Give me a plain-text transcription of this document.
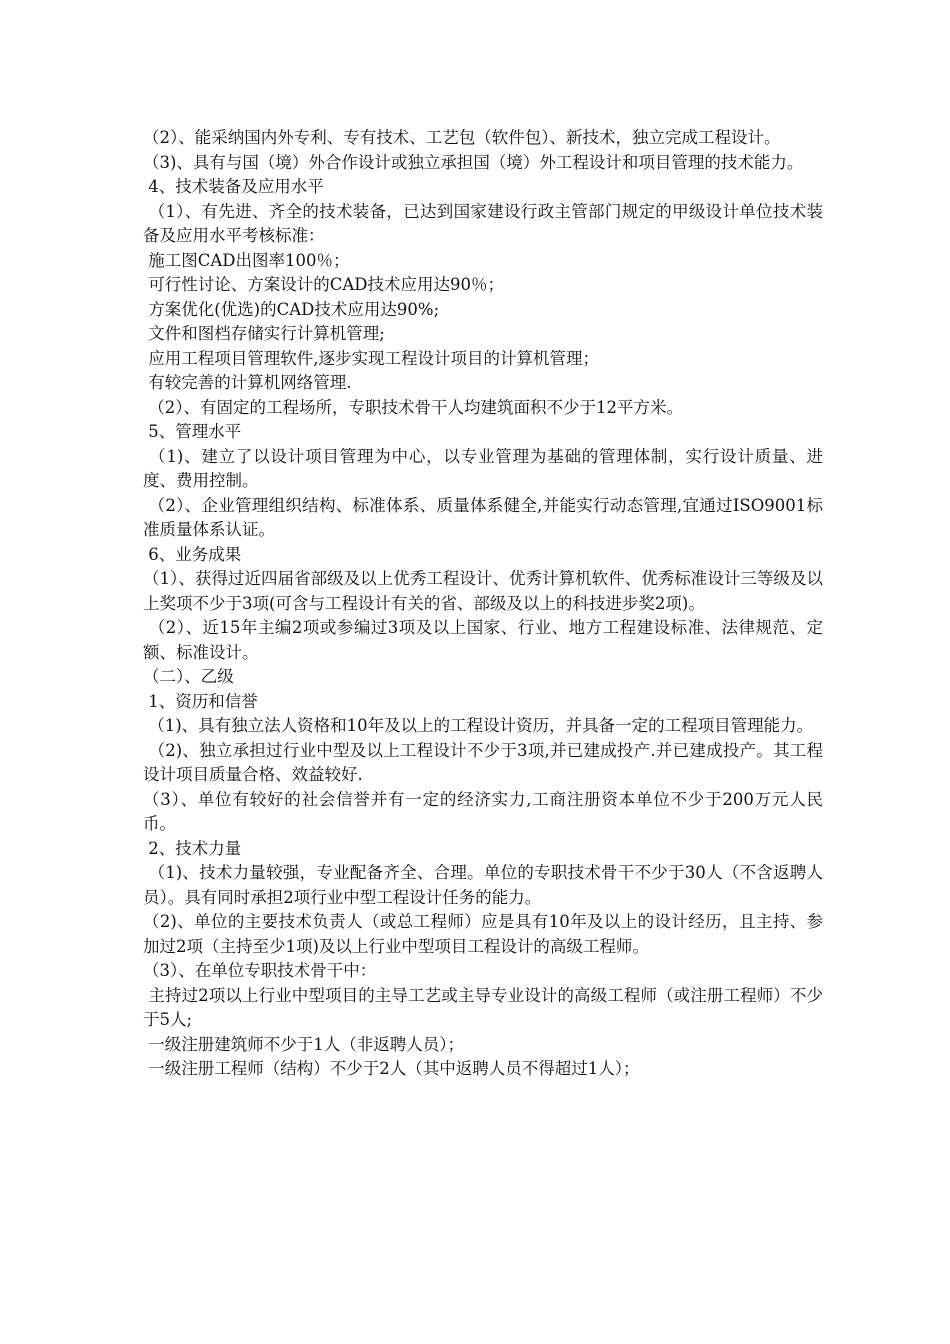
（2）、能采纳国内外专利、专有技术、工艺包（软件包）、新技术，独立完成工程设计。

（3)、具有与国（境）外合作设计或独立承担国（境）外工程设计和项目管理的技术能力。

4、技术装备及应用水平

（1）、有先进、齐全的技术装备，已达到国家建设行政主管部门规定的甲级设计单位技术装备及应用水平考核标准：

施工图CAD出图率100％；

可行性讨论、方案设计的CAD技术应用达90％；

方案优化(优选)的CAD技术应用达90%;

文件和图档存储实行计算机管理;

应用工程项目管理软件,逐步实现工程设计项目的计算机管理；

有较完善的计算机网络管理.

（2）、有固定的工程场所，专职技术骨干人均建筑面积不少于12平方米。

5、管理水平

（1)、建立了以设计项目管理为中心，以专业管理为基础的管理体制，实行设计质量、进度、费用控制。

（2）、企业管理组织结构、标准体系、质量体系健全,并能实行动态管理,宜通过ISO9001标准质量体系认证。

6、业务成果

（1）、获得过近四届省部级及以上优秀工程设计、优秀计算机软件、优秀标准设计三等级及以上奖项不少于3项(可含与工程设计有关的省、部级及以上的科技进步奖2项)。

（2）、近15年主编2项或参编过3项及以上国家、行业、地方工程建设标准、法律规范、定额、标准设计。

（二）、乙级

1、资历和信誉

（1)、具有独立法人资格和10年及以上的工程设计资历，并具备一定的工程项目管理能力。

（2)、独立承担过行业中型及以上工程设计不少于3项,并已建成投产.并已建成投产。其工程设计项目质量合格、效益较好.

（3）、单位有较好的社会信誉并有一定的经济实力,工商注册资本单位不少于200万元人民币。

2、技术力量

（1)、技术力量较强，专业配备齐全、合理。单位的专职技术骨干不少于30人（不含返聘人员）。具有同时承担2项行业中型工程设计任务的能力。

（2)、单位的主要技术负责人（或总工程师）应是具有10年及以上的设计经历，且主持、参加过2项（主持至少1项)及以上行业中型项目工程设计的高级工程师。

（3）、在单位专职技术骨干中：

主持过2项以上行业中型项目的主导工艺或主导专业设计的高级工程师（或注册工程师）不少于5人;

一级注册建筑师不少于1人（非返聘人员）；

一级注册工程师（结构）不少于2人（其中返聘人员不得超过1人）；
